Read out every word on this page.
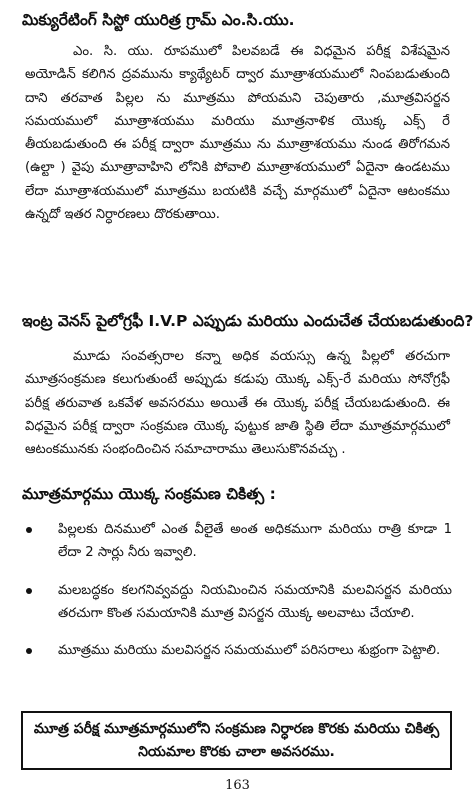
మిక్యురేటింగ్ సిస్టో యురిత్ర గ్రామ్ ఎం.సి.యు.
ఎం. సి. యు. రూపములో పిలవబడే ఈ విధమైన పరీక్ష విశేషమైన అయోడిన్ కలిగిన ద్రవమును క్యాథ్యేటర్ ద్వార మూత్రాశయములో నింపబడుతుంది దాని తరవాత పిల్లల ను మూత్రము పోయమని చెపుతారు ,మూత్రవిసర్జన సమయములో మూత్రాశయము మరియు మూత్రనాళిక యొక్క ఎక్స్ రే తీయబడుతుంది ఈ పరీక్ష ద్వారా మూత్రము ను మూత్రాశయము నుండ తిరోగమన (ఉల్టా ) వైపు మూత్రావాహిని లోనికి పోవాలి మూత్రాశయములో ఏదైనా ఉండటము లేదా మూత్రాశయములో మూత్రము బయటికి వచ్చే మార్గములో ఏదైనా ఆటంకము ఉన్నదో ఇతర నిర్ధారణలు దొరకుతాయి.
ఇంట్ర వెనస్ పైలోగ్రఫీ I.V.P ఎప్పుడు మరియు ఎందుచేత చేయబడుతుంది?
మూడు సంవత్సరాల కన్నా అధిక వయస్సు ఉన్న పిల్లలో తరచుగా మూత్రసంక్రమణ కలుగుతుంటే అప్పుడు కడుపు యొక్క ఎక్స్-రే మరియు సోనోగ్రఫీ పరీక్ష తరువాత ఒకవేళ అవసరము అయితే ఈ యొక్క పరీక్ష చేయబడుతుంది. ఈ విధమైన పరీక్ష ద్వారా సంక్రమణ యొక్క పుట్టుక జాతి స్థితి లేదా మూత్రమార్గములో ఆటంకమునకు సంభందించిన సమాచారాము తెలుసుకొనవచ్చు .
మూత్రమార్గము యొక్క సంక్రమణ చికిత్స :
పిల్లలకు దినములో ఎంత వీలైతే అంత అధికముగా మరియు రాత్రి కూడా 1 లేదా 2 సార్లు నీరు ఇవ్వాలి.
మలబద్ధకం కలగనివ్వవద్దు నియమించిన సమయానికి మలవిసర్జన మరియు తరచుగా కొంత సమయానికి మూత్ర విసర్జన యొక్క అలవాటు చేయాలి.
మూత్రము మరియు మలవిసర్జన సమయములో పరిసరాలు శుభ్రంగా పెట్టాలి.
మూత్ర పరీక్ష మూత్రమార్గములోని సంక్రమణ నిర్ధారణ కొరకు మరియు చికిత్స నియమాల కొరకు చాలా అవసరము.
163
